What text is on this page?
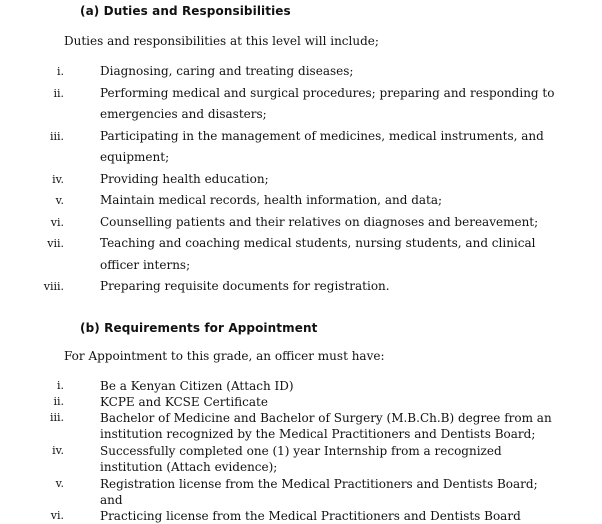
(a) Duties and Responsibilities
Duties and responsibilities at this level will include;
i.	Diagnosing, caring and treating diseases;
ii.	Performing medical and surgical procedures; preparing and responding to
emergencies and disasters;
iii.	Participating in the management of medicines, medical instruments, and
equipment;
iv.	Providing health education;
v.	Maintain medical records, health information, and data;
vi.	Counselling patients and their relatives on diagnoses and bereavement;
vii.	Teaching and coaching medical students, nursing students, and clinical
officer interns;
viii.	Preparing requisite documents for registration.
(b) Requirements for Appointment
For Appointment to this grade, an officer must have:
i.	Be a Kenyan Citizen (Attach ID)
ii.	KCPE and KCSE Certificate
iii.	Bachelor of Medicine and Bachelor of Surgery (M.B.Ch.B) degree from an
institution recognized by the Medical Practitioners and Dentists Board;
iv.	Successfully completed one (1) year Internship from a recognized
institution (Attach evidence);
v.	Registration license from the Medical Practitioners and Dentists Board;
and
vi.	Practicing license from the Medical Practitioners and Dentists Board
